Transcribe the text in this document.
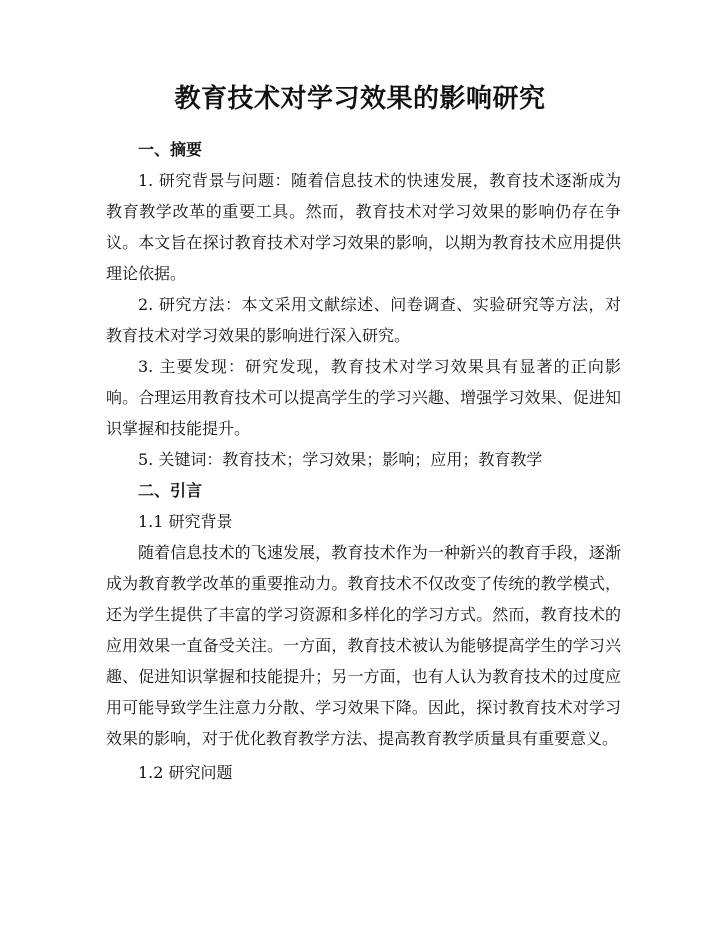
教育技术对学习效果的影响研究

一、摘要

1. 研究背景与问题：随着信息技术的快速发展，教育技术逐渐成为教育教学改革的重要工具。然而，教育技术对学习效果的影响仍存在争议。本文旨在探讨教育技术对学习效果的影响，以期为教育技术应用提供理论依据。

2. 研究方法：本文采用文献综述、问卷调查、实验研究等方法，对教育技术对学习效果的影响进行深入研究。

3. 主要发现：研究发现，教育技术对学习效果具有显著的正向影响。合理运用教育技术可以提高学生的学习兴趣、增强学习效果、促进知识掌握和技能提升。

5. 关键词：教育技术；学习效果；影响；应用；教育教学

二、引言

1.1 研究背景

随着信息技术的飞速发展，教育技术作为一种新兴的教育手段，逐渐成为教育教学改革的重要推动力。教育技术不仅改变了传统的教学模式，还为学生提供了丰富的学习资源和多样化的学习方式。然而，教育技术的应用效果一直备受关注。一方面，教育技术被认为能够提高学生的学习兴趣、促进知识掌握和技能提升；另一方面，也有人认为教育技术的过度应用可能导致学生注意力分散、学习效果下降。因此，探讨教育技术对学习效果的影响，对于优化教育教学方法、提高教育教学质量具有重要意义。

1.2 研究问题
